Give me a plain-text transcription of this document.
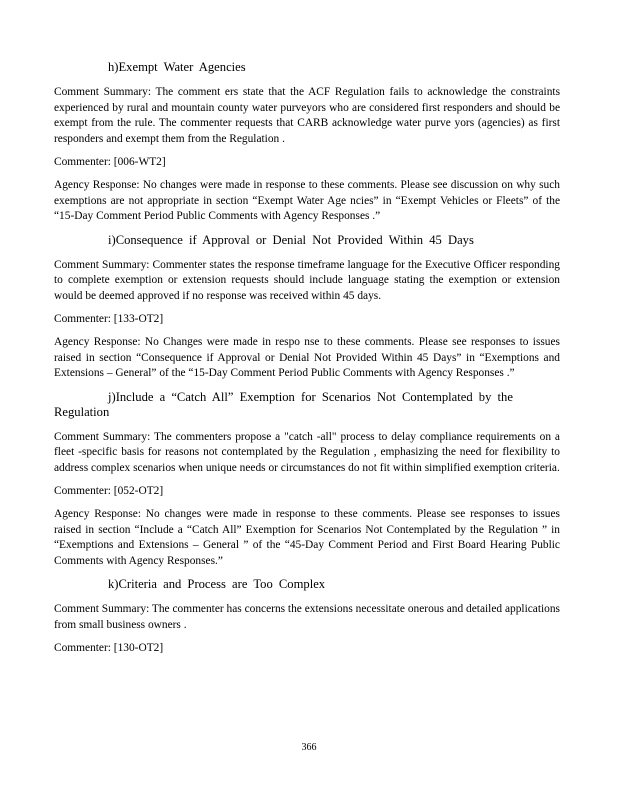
h)Exempt Water Agencies

Comment Summary: The comment ers state that the ACF Regulation fails to acknowledge the constraints experienced by rural and mountain county water purveyors who are considered first responders and should be exempt from the rule. The commenter requests that CARB acknowledge water purve yors (agencies) as first responders and exempt them from the Regulation .

Commenter: [006-WT2]

Agency Response: No changes were made in response to these comments. Please see discussion on why such exemptions are not appropriate in section “Exempt Water Age ncies” in “Exempt Vehicles or Fleets” of the “15-Day Comment Period Public Comments with Agency Responses .”

i)Consequence if Approval or Denial Not Provided Within 45 Days

Comment Summary: Commenter states the response timeframe language for the Executive Officer responding to complete exemption or extension requests should include language stating the exemption or extension would be deemed approved if no response was received within 45 days.

Commenter: [133-OT2]

Agency Response: No Changes were made in respo nse to these comments. Please see responses to issues raised in section “Consequence if Approval or Denial Not Provided Within 45 Days” in “Exemptions and Extensions – General” of the “15-Day Comment Period Public Comments with Agency Responses .”

j)Include a “Catch All” Exemption for Scenarios Not Contemplated by the Regulation

Comment Summary: The commenters propose a "catch -all" process to delay compliance requirements on a fleet -specific basis for reasons not contemplated by the Regulation , emphasizing the need for flexibility to address complex scenarios when unique needs or circumstances do not fit within simplified exemption criteria.

Commenter: [052-OT2]

Agency Response: No changes were made in response to these comments. Please see responses to issues raised in section “Include a “Catch All” Exemption for Scenarios Not Contemplated by the Regulation ” in “Exemptions and Extensions – General ” of the “45-Day Comment Period and First Board Hearing Public Comments with Agency Responses.”

k)Criteria and Process are Too Complex

Comment Summary: The commenter has concerns the extensions necessitate onerous and detailed applications from small business owners .

Commenter: [130-OT2]

366
